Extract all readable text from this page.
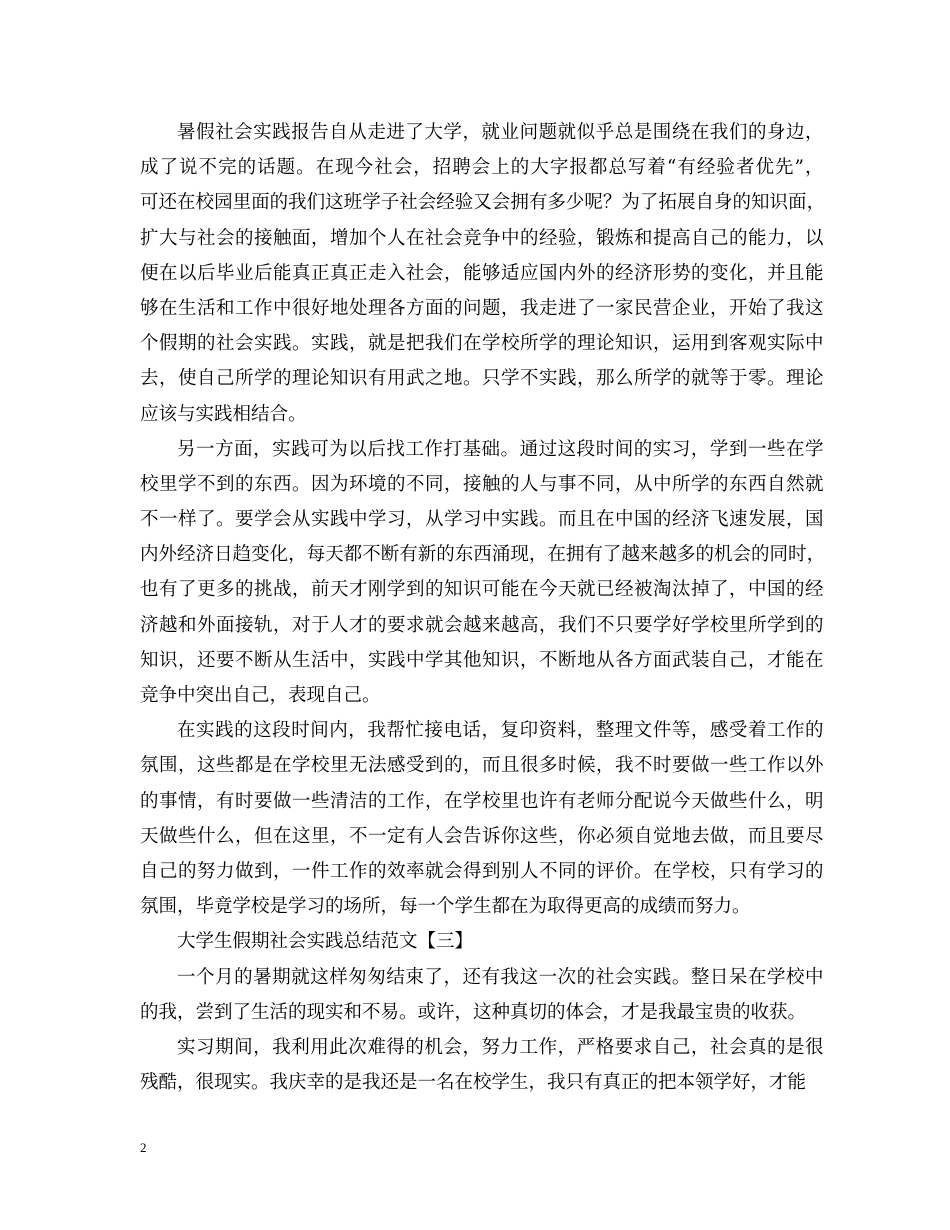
暑 假 社 会 实 践 报 告 自 从 走 进 了 大 学 ， 就 业 问 题 就 似 乎 总 是 围 绕 在 我 们 的 身 边 ，
成 了 说 不 完 的 话 题 。 在 现 今 社 会 ， 招 聘 会 上 的 大 字 报 都 总 写 着 “ 有 经 验 者 优 先 ” ，
可 还 在 校 园 里 面 的 我 们 这 班 学 子 社 会 经 验 又 会 拥 有 多 少 呢 ？ 为 了 拓 展 自 身 的 知 识 面 ，
扩 大 与 社 会 的 接 触 面 ， 增 加 个 人 在 社 会 竞 争 中 的 经 验 ， 锻 炼 和 提 高 自 己 的 能 力 ， 以
便 在 以 后 毕 业 后 能 真 正 真 正 走 入 社 会 ， 能 够 适 应 国 内 外 的 经 济 形 势 的 变 化 ， 并 且 能
够 在 生 活 和 工 作 中 很 好 地 处 理 各 方 面 的 问 题 ， 我 走 进 了 一 家 民 营 企 业 ， 开 始 了 我 这
个 假 期 的 社 会 实 践 。 实 践 ， 就 是 把 我 们 在 学 校 所 学 的 理 论 知 识 ， 运 用 到 客 观 实 际 中
去 ， 使 自 己 所 学 的 理 论 知 识 有 用 武 之 地 。 只 学 不 实 践 ， 那 么 所 学 的 就 等 于 零 。 理 论
应该与实践相结合。
另 一 方 面 ， 实 践 可 为 以 后 找 工 作 打 基 础 。 通 过 这 段 时 间 的 实 习 ， 学 到 一 些 在 学
校 里 学 不 到 的 东 西 。 因 为 环 境 的 不 同 ， 接 触 的 人 与 事 不 同 ， 从 中 所 学 的 东 西 自 然 就
不 一 样 了 。 要 学 会 从 实 践 中 学 习 ， 从 学 习 中 实 践 。 而 且 在 中 国 的 经 济 飞 速 发 展 ， 国
内 外 经 济 日 趋 变 化 ， 每 天 都 不 断 有 新 的 东 西 涌 现 ， 在 拥 有 了 越 来 越 多 的 机 会 的 同 时 ，
也 有 了 更 多 的 挑 战 ， 前 天 才 刚 学 到 的 知 识 可 能 在 今 天 就 已 经 被 淘 汰 掉 了 ， 中 国 的 经
济 越 和 外 面 接 轨 ， 对 于 人 才 的 要 求 就 会 越 来 越 高 ， 我 们 不 只 要 学 好 学 校 里 所 学 到 的
知 识 ， 还 要 不 断 从 生 活 中 ， 实 践 中 学 其 他 知 识 ， 不 断 地 从 各 方 面 武 装 自 己 ， 才 能 在
竞争中突出自己，表现自己。
在 实 践 的 这 段 时 间 内 ， 我 帮 忙 接 电 话 ， 复 印 资 料 ， 整 理 文 件 等 ， 感 受 着 工 作 的
氛 围 ， 这 些 都 是 在 学 校 里 无 法 感 受 到 的 ， 而 且 很 多 时 候 ， 我 不 时 要 做 一 些 工 作 以 外
的 事 情 ， 有 时 要 做 一 些 清 洁 的 工 作 ， 在 学 校 里 也 许 有 老 师 分 配 说 今 天 做 些 什 么 ， 明
天 做 些 什 么 ， 但 在 这 里 ， 不 一 定 有 人 会 告 诉 你 这 些 ， 你 必 须 自 觉 地 去 做 ， 而 且 要 尽
自 己 的 努 力 做 到 ， 一 件 工 作 的 效 率 就 会 得 到 别 人 不 同 的 评 价 。 在 学 校 ， 只 有 学 习 的
氛围，毕竟学校是学习的场所，每一个学生都在为取得更高的成绩而努力。
大学生假期社会实践总结范文【三】
一 个 月 的 暑 期 就 这 样 匆 匆 结 束 了 ， 还 有 我 这 一 次 的 社 会 实 践 。 整 日 呆 在 学 校 中
的我，尝到了生活的现实和不易。或许，这种真切的体会，才是我最宝贵的收获。
实 习 期 间 ， 我 利 用 此 次 难 得 的 机 会 ， 努 力 工 作 ， 严 格 要 求 自 己 ， 社 会 真 的 是 很
残酷，很现实。我庆幸的是我还是一名在校学生，我只有真正的把本领学好，才能
2
